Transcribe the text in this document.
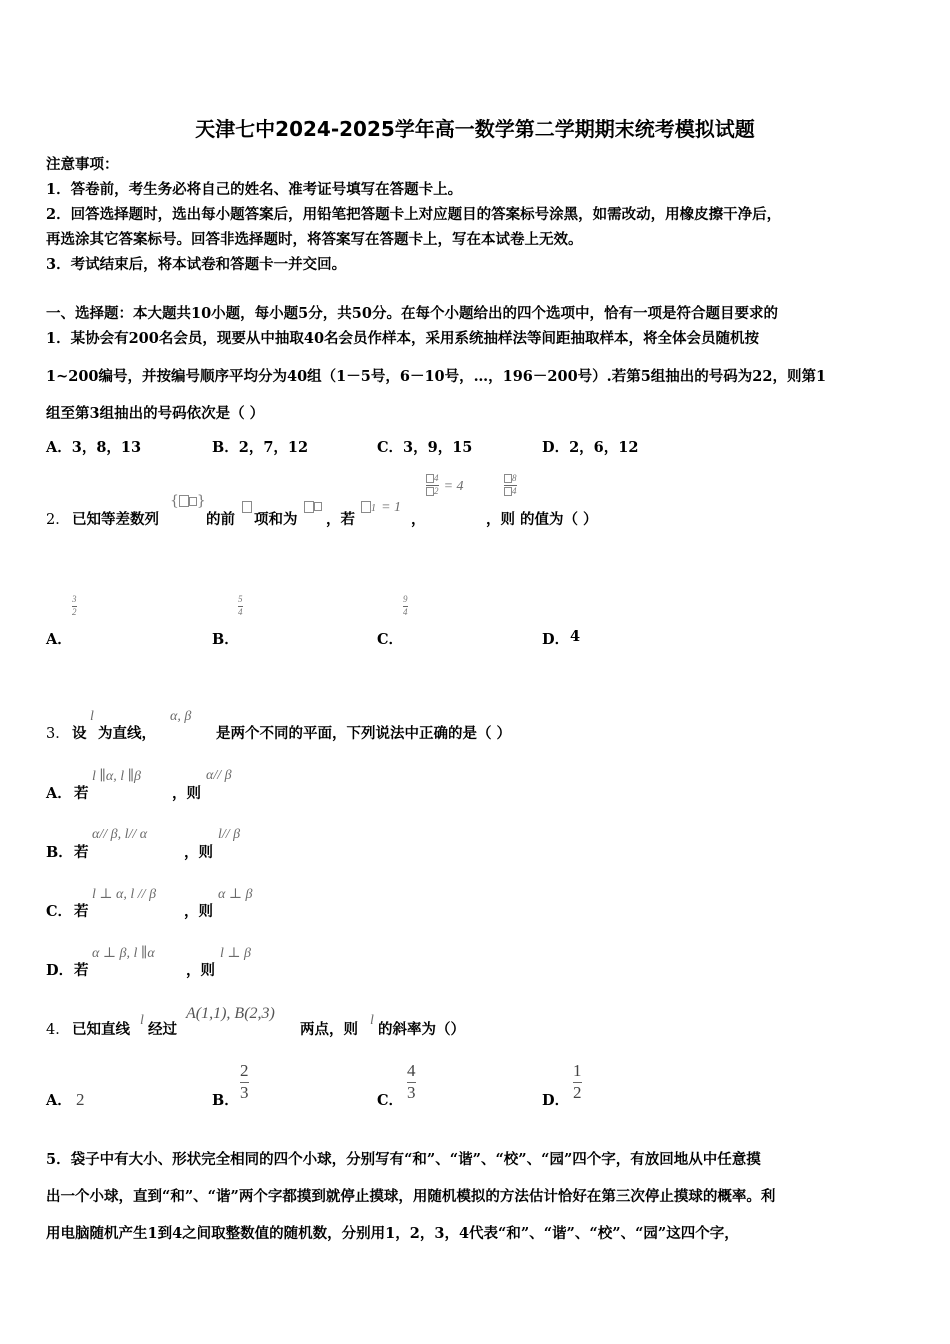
天津七中2024-2025学年高一数学第二学期期末统考模拟试题
注意事项：
1．答卷前，考生务必将自己的姓名、准考证号填写在答题卡上。
2．回答选择题时，选出每小题答案后，用铅笔把答题卡上对应题目的答案标号涂黑，如需改动，用橡皮擦干净后，
再选涂其它答案标号。回答非选择题时，将答案写在答题卡上，写在本试卷上无效。
3．考试结束后，将本试卷和答题卡一并交回。
一、选择题：本大题共10小题，每小题5分，共50分。在每个小题给出的四个选项中，恰有一项是符合题目要求的
1．某协会有200名会员，现要从中抽取40名会员作样本，采用系统抽样法等间距抽取样本，将全体会员随机按
1~200编号，并按编号顺序平均分为40组（1－5号，6－10号，…，196－200号）.若第5组抽出的号码为22，则第1
组至第3组抽出的号码依次是（ ）
A．3，8，13	B．2，7，12	C．3，9，15	D．2，6，12
2． 已知等差数列
{ }
的前 项和为 ，若
1 = 1
，
$\frac{4}{2} = 4$
，则
$\frac{8}{4}$
的值为（ ）
A．
$\frac{3}{2}$
B．
$\frac{5}{4}$
C．
$\frac{9}{4}$
D． 4
3． 设
l
为直线，
α, β
是两个不同的平面，下列说法中正确的是（ ）
A． 若
l ∥α, l ∥β
，则
α// β
B． 若
α// β, l// α
，则
l// β
C． 若
l ⊥ α, l // β
，则
α ⊥ β
D． 若
α ⊥ β, l ∥α
，则
l ⊥ β
4． 已知直线
l
经过
A(1,1), B(2,3)
两点，则
l
的斜率为（）
A． 2	B． $\frac{2}{3}$	C． $\frac{4}{3}$	D． $\frac{1}{2}$
5．袋子中有大小、形状完全相同的四个小球，分别写有“和”、“谐”、“校”、“园”四个字，有放回地从中任意摸
出一个小球，直到“和”、“谐”两个字都摸到就停止摸球，用随机模拟的方法估计恰好在第三次停止摸球的概率。利
用电脑随机产生1到4之间取整数值的随机数，分别用1，2，3，4代表“和”、“谐”、“校”、“园”这四个字，
